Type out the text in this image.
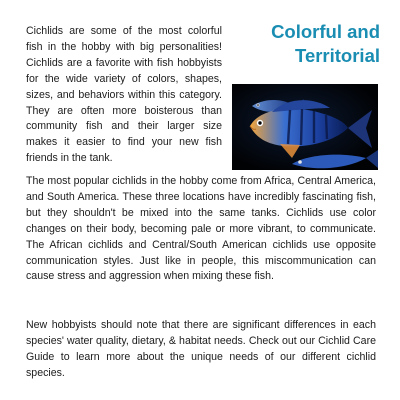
Cichlids are some of the most colorful fish in the hobby with big personalities! Cichlids are a favorite with fish hobbyists for the wide variety of colors, shapes, sizes, and behaviors within this category. They are often more boisterous than community fish and their larger size makes it easier to find your new fish friends in the tank.

Colorful and
Territorial

The most popular cichlids in the hobby come from Africa, Central America, and South America. These three locations have incredibly fascinating fish, but they shouldn't be mixed into the same tanks. Cichlids use color changes on their body, becoming pale or more vibrant, to communicate. The African cichlids and Central/South American cichlids use opposite communication styles. Just like in people, this miscommunication can cause stress and aggression when mixing these fish.

New hobbyists should note that there are significant differences in each species' water quality, dietary, & habitat needs. Check out our Cichlid Care Guide to learn more about the unique needs of our different cichlid species.
